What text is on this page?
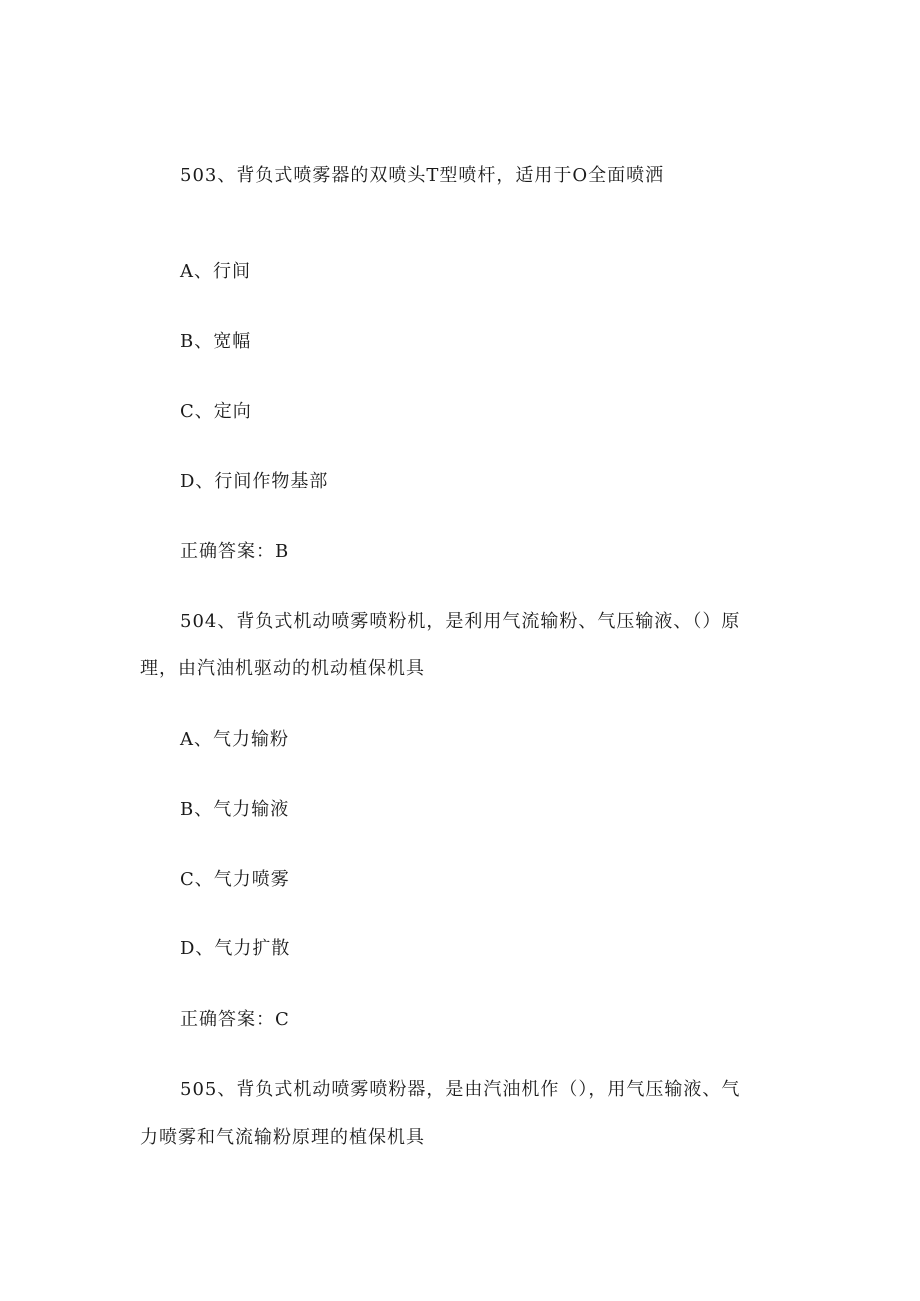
503、背负式喷雾器的双喷头T型喷杆，适用于O全面喷洒
A、行间
B、宽幅
C、定向
D、行间作物基部
正确答案：B
504、背负式机动喷雾喷粉机，是利用气流输粉、气压输液、（）原
理，由汽油机驱动的机动植保机具
A、气力输粉
B、气力输液
C、气力喷雾
D、气力扩散
正确答案：C
505、背负式机动喷雾喷粉器，是由汽油机作（），用气压输液、气
力喷雾和气流输粉原理的植保机具
